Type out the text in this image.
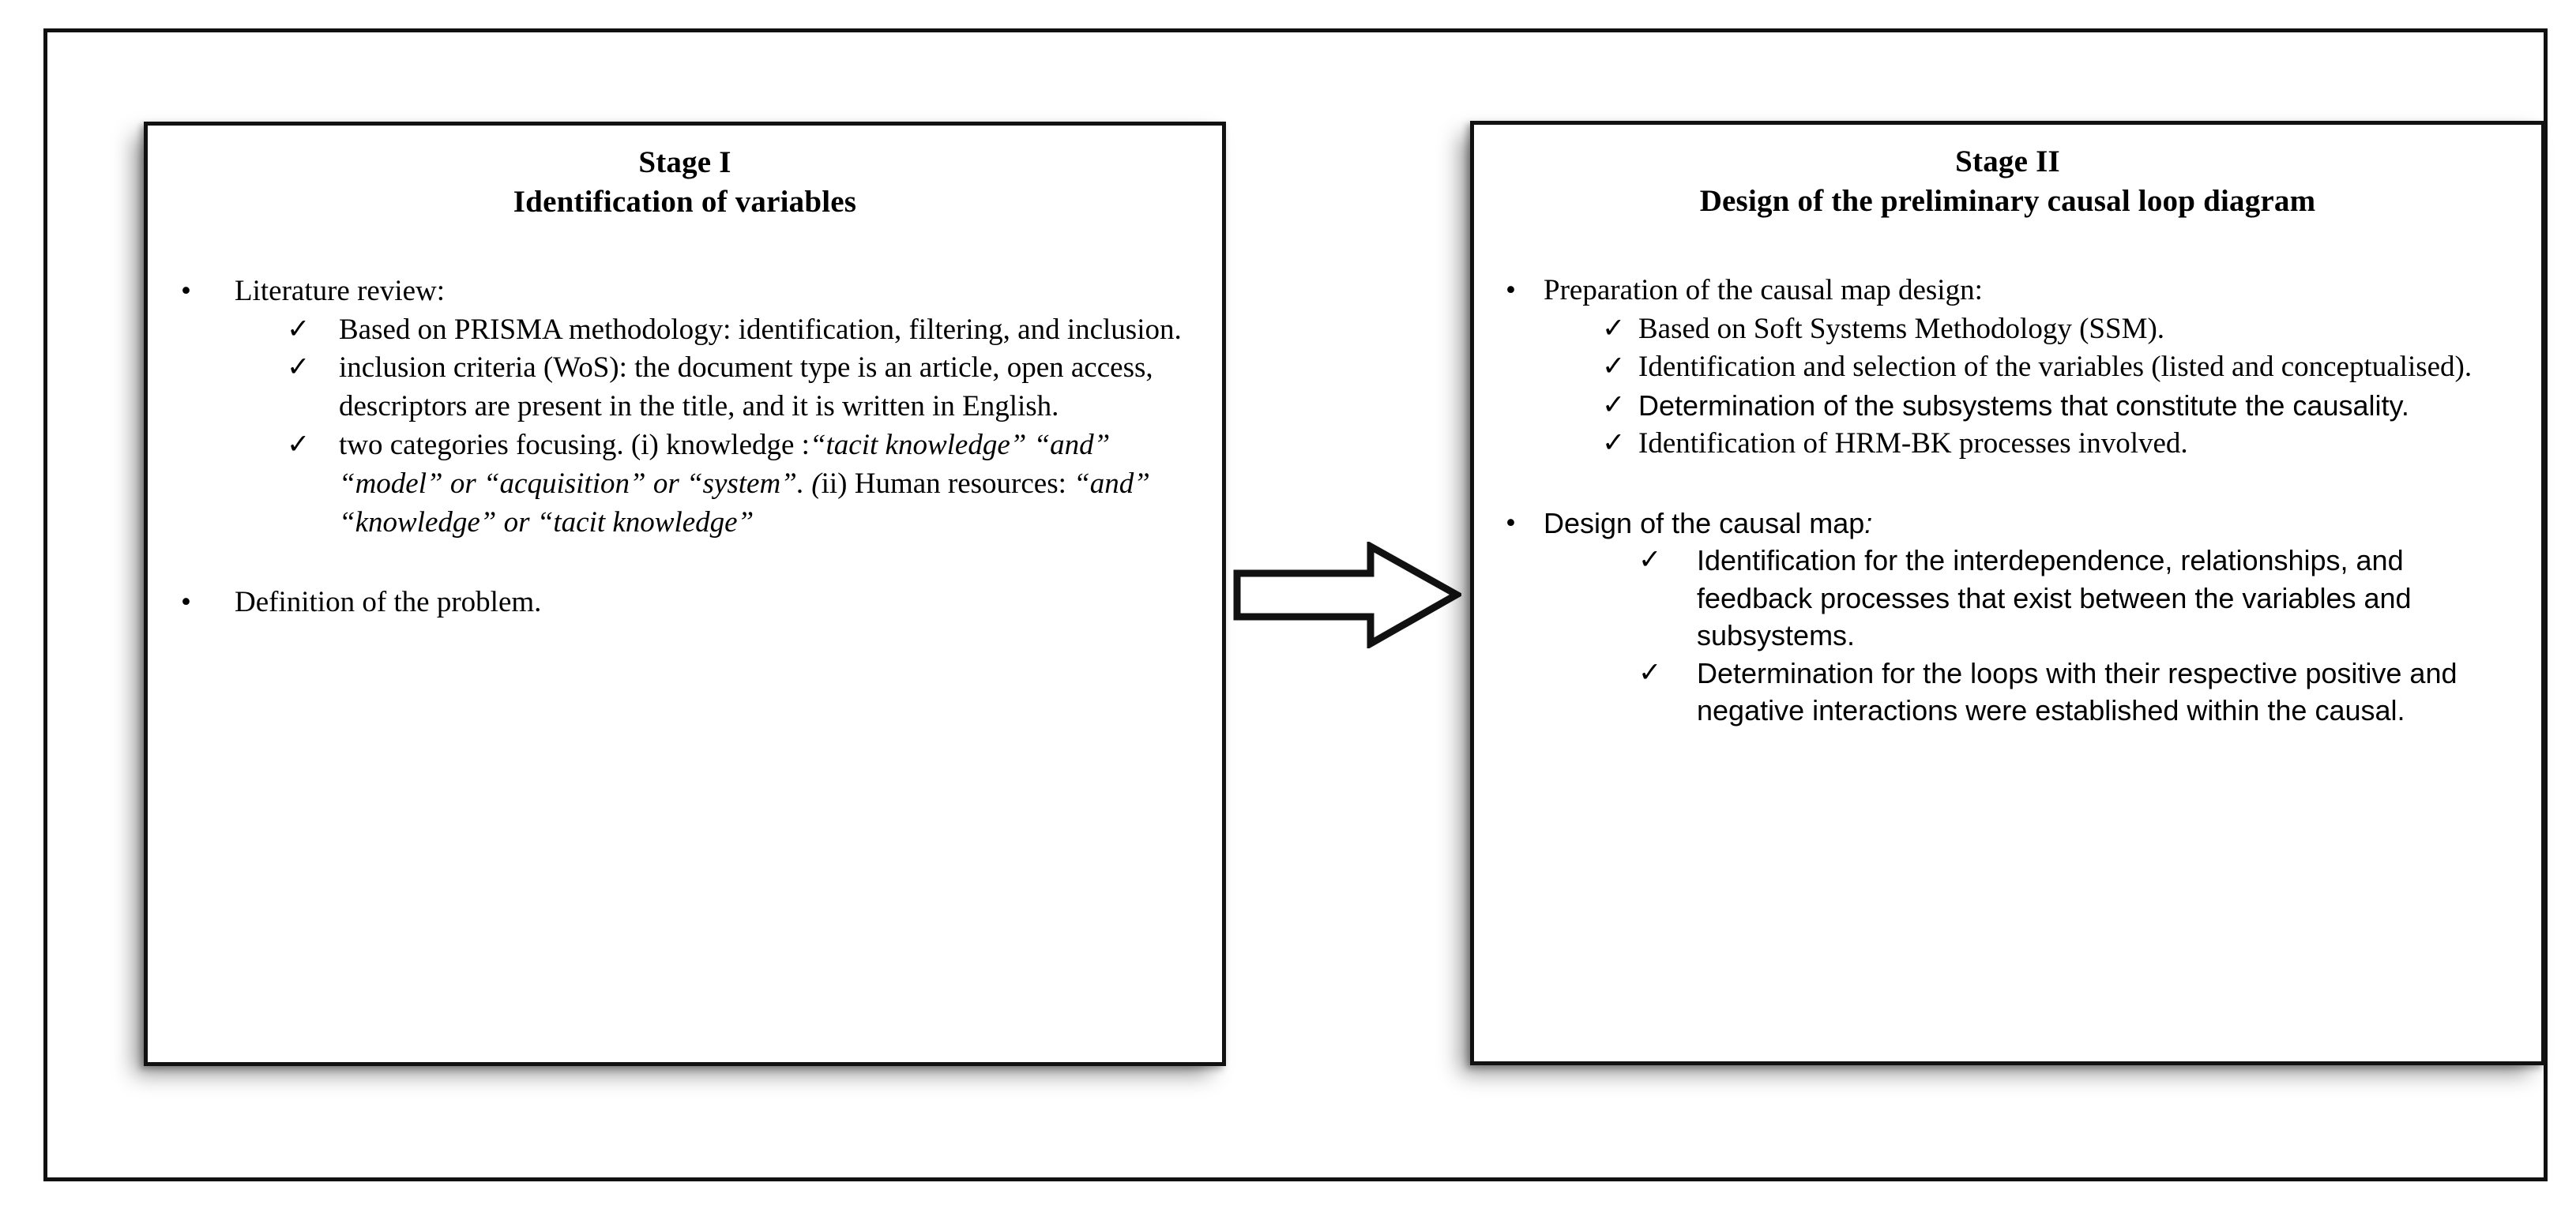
Stage I
Identification of variables
• Literature review:
✓ Based on PRISMA methodology: identification, filtering, and inclusion.
✓ inclusion criteria (WoS): the document type is an article, open access, descriptors are present in the title, and it is written in English.
✓ two categories focusing. (i) knowledge :“tacit knowledge” “and” “model” or “acquisition” or “system”. (ii) Human resources: “and” “knowledge” or “tacit knowledge”
• Definition of the problem.
Stage II
Design of the preliminary causal loop diagram
• Preparation of the causal map design:
✓ Based on Soft Systems Methodology (SSM).
✓ Identification and selection of the variables (listed and conceptualised).
✓ Determination of the subsystems that constitute the causality.
✓ Identification of HRM-BK processes involved.
• Design of the causal map:
✓ Identification for the interdependence, relationships, and feedback processes that exist between the variables and subsystems.
✓ Determination for the loops with their respective positive and negative interactions were established within the causal.
